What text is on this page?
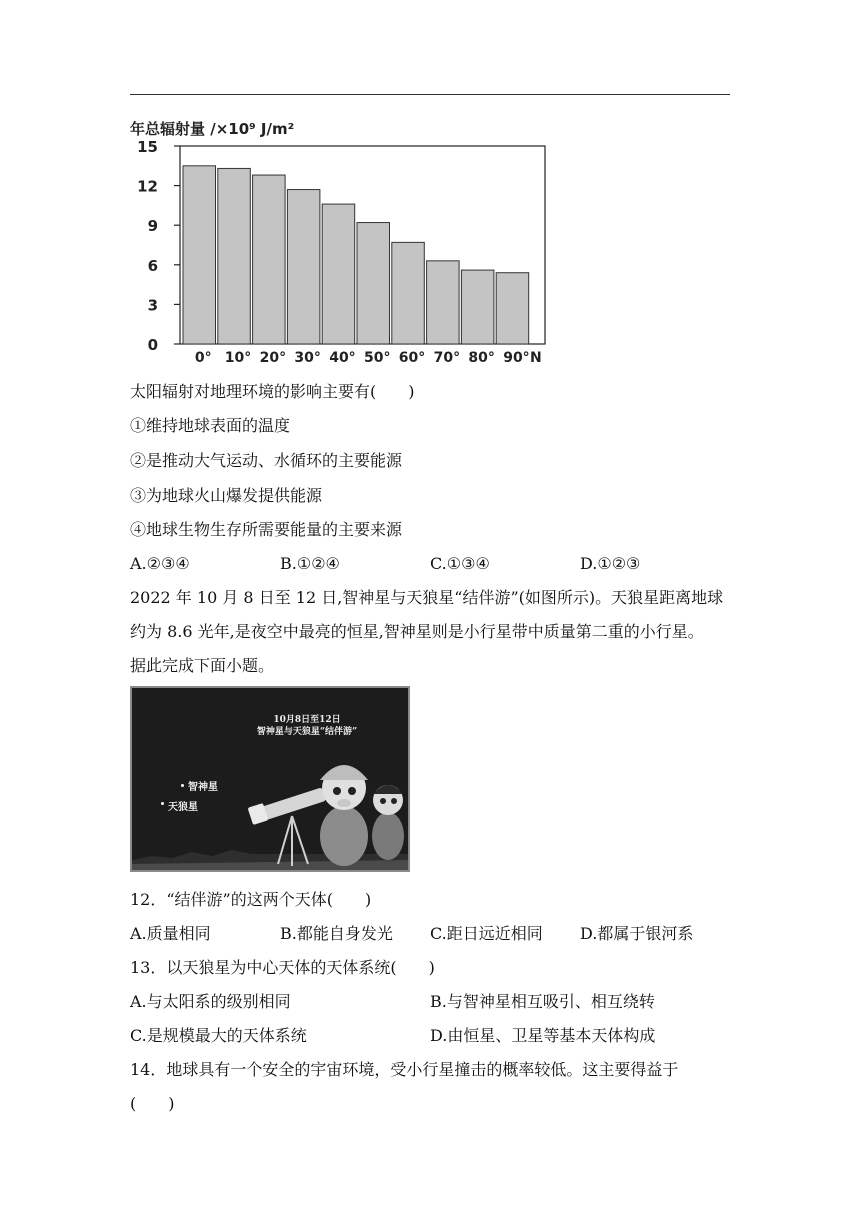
年总辐射量 /×10⁹ J/m²
0
3
6
9
12
15
0° 10° 20° 30° 40° 50° 60° 70° 80° 90° N
太阳辐射对地理环境的影响主要有(　　)
①维持地球表面的温度
②是推动大气运动、水循环的主要能源
③为地球火山爆发提供能源
④地球生物生存所需要能量的主要来源
A.②③④	B.①②④	C.①③④	D.①②③
2022 年 10 月 8 日至 12 日,智神星与天狼星“结伴游”(如图所示)。天狼星距离地球
约为 8.6 光年,是夜空中最亮的恒星,智神星则是小行星带中质量第二重的小行星。
据此完成下面小题。
10月8日至12日
智神星与天狼星“结伴游”
智神星
天狼星
12．“结伴游”的这两个天体(　　)
A.质量相同	B.都能自身发光 C.距日远近相同 D.都属于银河系
13．以天狼星为中心天体的天体系统(　　)
A.与太阳系的级别相同	B.与智神星相互吸引、相互绕转
C.是规模最大的天体系统	D.由恒星、卫星等基本天体构成
14．地球具有一个安全的宇宙环境，受小行星撞击的概率较低。这主要得益于
(　　)
